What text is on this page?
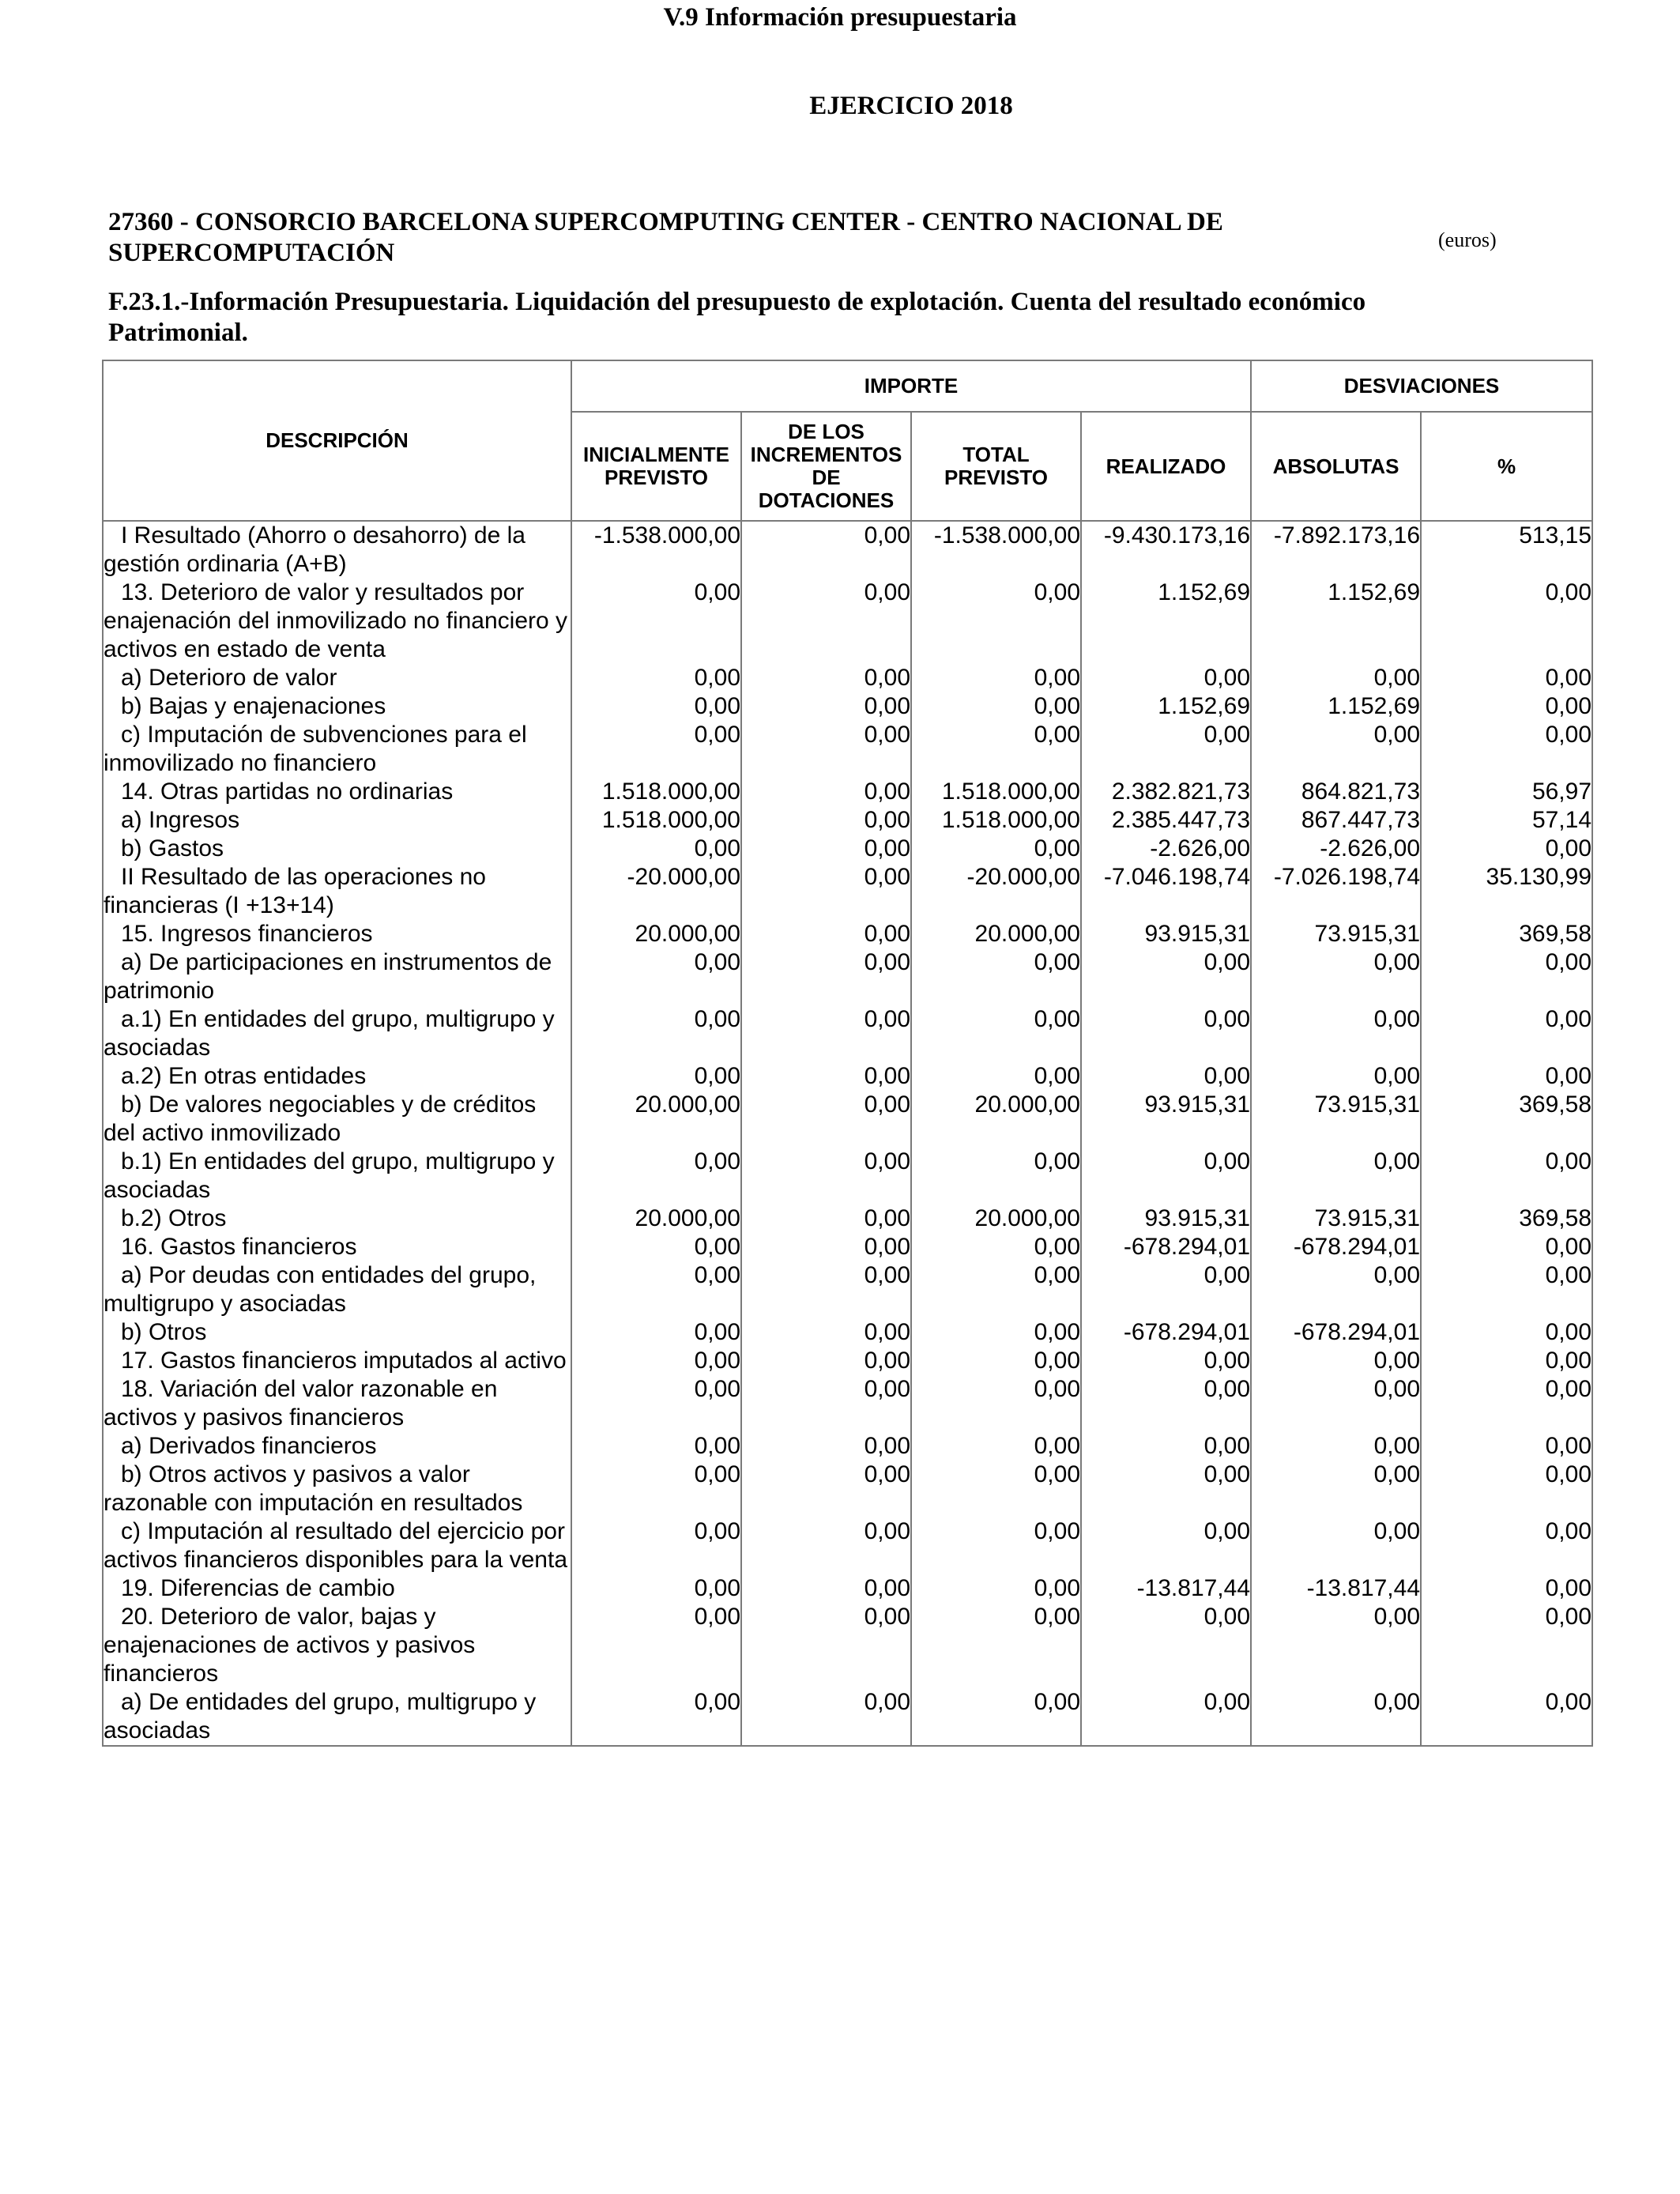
V.9 Información presupuestaria
EJERCICIO 2018
27360 - CONSORCIO BARCELONA SUPERCOMPUTING CENTER - CENTRO NACIONAL DE SUPERCOMPUTACIÓN	(euros)
F.23.1.-Información Presupuestaria. Liquidación del presupuesto de explotación. Cuenta del resultado económico Patrimonial.
DESCRIPCIÓN	IMPORTE				DESVIACIONES	
	INICIALMENTE PREVISTO	DE LOS INCREMENTOS DE DOTACIONES	TOTAL PREVISTO	REALIZADO	ABSOLUTAS	%

I Resultado (Ahorro o desahorro) de la gestión ordinaria (A+B)	-1.538.000,00	0,00	-1.538.000,00	-9.430.173,16	-7.892.173,16	513,15

13. Deterioro de valor y resultados por enajenación del inmovilizado no financiero y activos en estado de venta	0,00	0,00	0,00	1.152,69	1.152,69	0,00

a) Deterioro de valor	0,00	0,00	0,00	0,00	0,00	0,00

b) Bajas y enajenaciones	0,00	0,00	0,00	1.152,69	1.152,69	0,00

c) Imputación de subvenciones para el inmovilizado no financiero	0,00	0,00	0,00	0,00	0,00	0,00

14. Otras partidas no ordinarias	1.518.000,00	0,00	1.518.000,00	2.382.821,73	864.821,73	56,97

a) Ingresos	1.518.000,00	0,00	1.518.000,00	2.385.447,73	867.447,73	57,14

b) Gastos	0,00	0,00	0,00	-2.626,00	-2.626,00	0,00

II Resultado de las operaciones no financieras (I +13+14)	-20.000,00	0,00	-20.000,00	-7.046.198,74	-7.026.198,74	35.130,99

15. Ingresos financieros	20.000,00	0,00	20.000,00	93.915,31	73.915,31	369,58

a) De participaciones en instrumentos de patrimonio	0,00	0,00	0,00	0,00	0,00	0,00

a.1) En entidades del grupo, multigrupo y asociadas	0,00	0,00	0,00	0,00	0,00	0,00

a.2) En otras entidades	0,00	0,00	0,00	0,00	0,00	0,00

b) De valores negociables y de créditos del activo inmovilizado	20.000,00	0,00	20.000,00	93.915,31	73.915,31	369,58

b.1) En entidades del grupo, multigrupo y asociadas	0,00	0,00	0,00	0,00	0,00	0,00

b.2) Otros	20.000,00	0,00	20.000,00	93.915,31	73.915,31	369,58

16. Gastos financieros	0,00	0,00	0,00	-678.294,01	-678.294,01	0,00

a) Por deudas con entidades del grupo, multigrupo y asociadas	0,00	0,00	0,00	0,00	0,00	0,00

b) Otros	0,00	0,00	0,00	-678.294,01	-678.294,01	0,00

17. Gastos financieros imputados al activo	0,00	0,00	0,00	0,00	0,00	0,00

18. Variación del valor razonable en activos y pasivos financieros	0,00	0,00	0,00	0,00	0,00	0,00

a) Derivados financieros	0,00	0,00	0,00	0,00	0,00	0,00

b) Otros activos y pasivos a valor razonable con imputación en resultados	0,00	0,00	0,00	0,00	0,00	0,00

c) Imputación al resultado del ejercicio por activos financieros disponibles para la venta	0,00	0,00	0,00	0,00	0,00	0,00

19. Diferencias de cambio	0,00	0,00	0,00	-13.817,44	-13.817,44	0,00

20. Deterioro de valor, bajas y enajenaciones de activos y pasivos financieros	0,00	0,00	0,00	0,00	0,00	0,00

a) De entidades del grupo, multigrupo y asociadas	0,00	0,00	0,00	0,00	0,00	0,00
